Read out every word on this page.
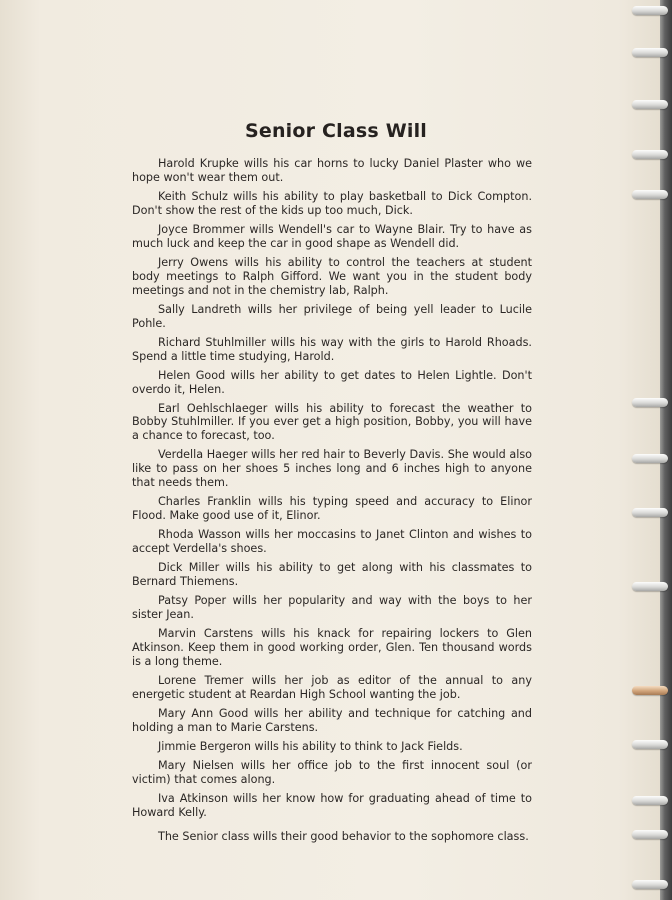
Senior Class Will

Harold Krupke wills his car horns to lucky Daniel Plaster who we hope won't wear them out.

Keith Schulz wills his ability to play basketball to Dick Compton. Don't show the rest of the kids up too much, Dick.

Joyce Brommer wills Wendell's car to Wayne Blair. Try to have as much luck and keep the car in good shape as Wendell did.

Jerry Owens wills his ability to control the teachers at student body meetings to Ralph Gifford. We want you in the student body meetings and not in the chemistry lab, Ralph.

Sally Landreth wills her privilege of being yell leader to Lucile Pohle.

Richard Stuhlmiller wills his way with the girls to Harold Rhoads. Spend a little time studying, Harold.

Helen Good wills her ability to get dates to Helen Lightle. Don't overdo it, Helen.

Earl Oehlschlaeger wills his ability to forecast the weather to Bobby Stuhlmiller. If you ever get a high position, Bobby, you will have a chance to forecast, too.

Verdella Haeger wills her red hair to Beverly Davis. She would also like to pass on her shoes 5 inches long and 6 inches high to anyone that needs them.

Charles Franklin wills his typing speed and accuracy to Elinor Flood. Make good use of it, Elinor.

Rhoda Wasson wills her moccasins to Janet Clinton and wishes to accept Verdella's shoes.

Dick Miller wills his ability to get along with his classmates to Bernard Thiemens.

Patsy Poper wills her popularity and way with the boys to her sister Jean.

Marvin Carstens wills his knack for repairing lockers to Glen Atkinson. Keep them in good working order, Glen. Ten thousand words is a long theme.

Lorene Tremer wills her job as editor of the annual to any energetic student at Reardan High School wanting the job.

Mary Ann Good wills her ability and technique for catching and holding a man to Marie Carstens.

Jimmie Bergeron wills his ability to think to Jack Fields.

Mary Nielsen wills her office job to the first innocent soul (or victim) that comes along.

Iva Atkinson wills her know how for graduating ahead of time to Howard Kelly.

The Senior class wills their good behavior to the sophomore class.
